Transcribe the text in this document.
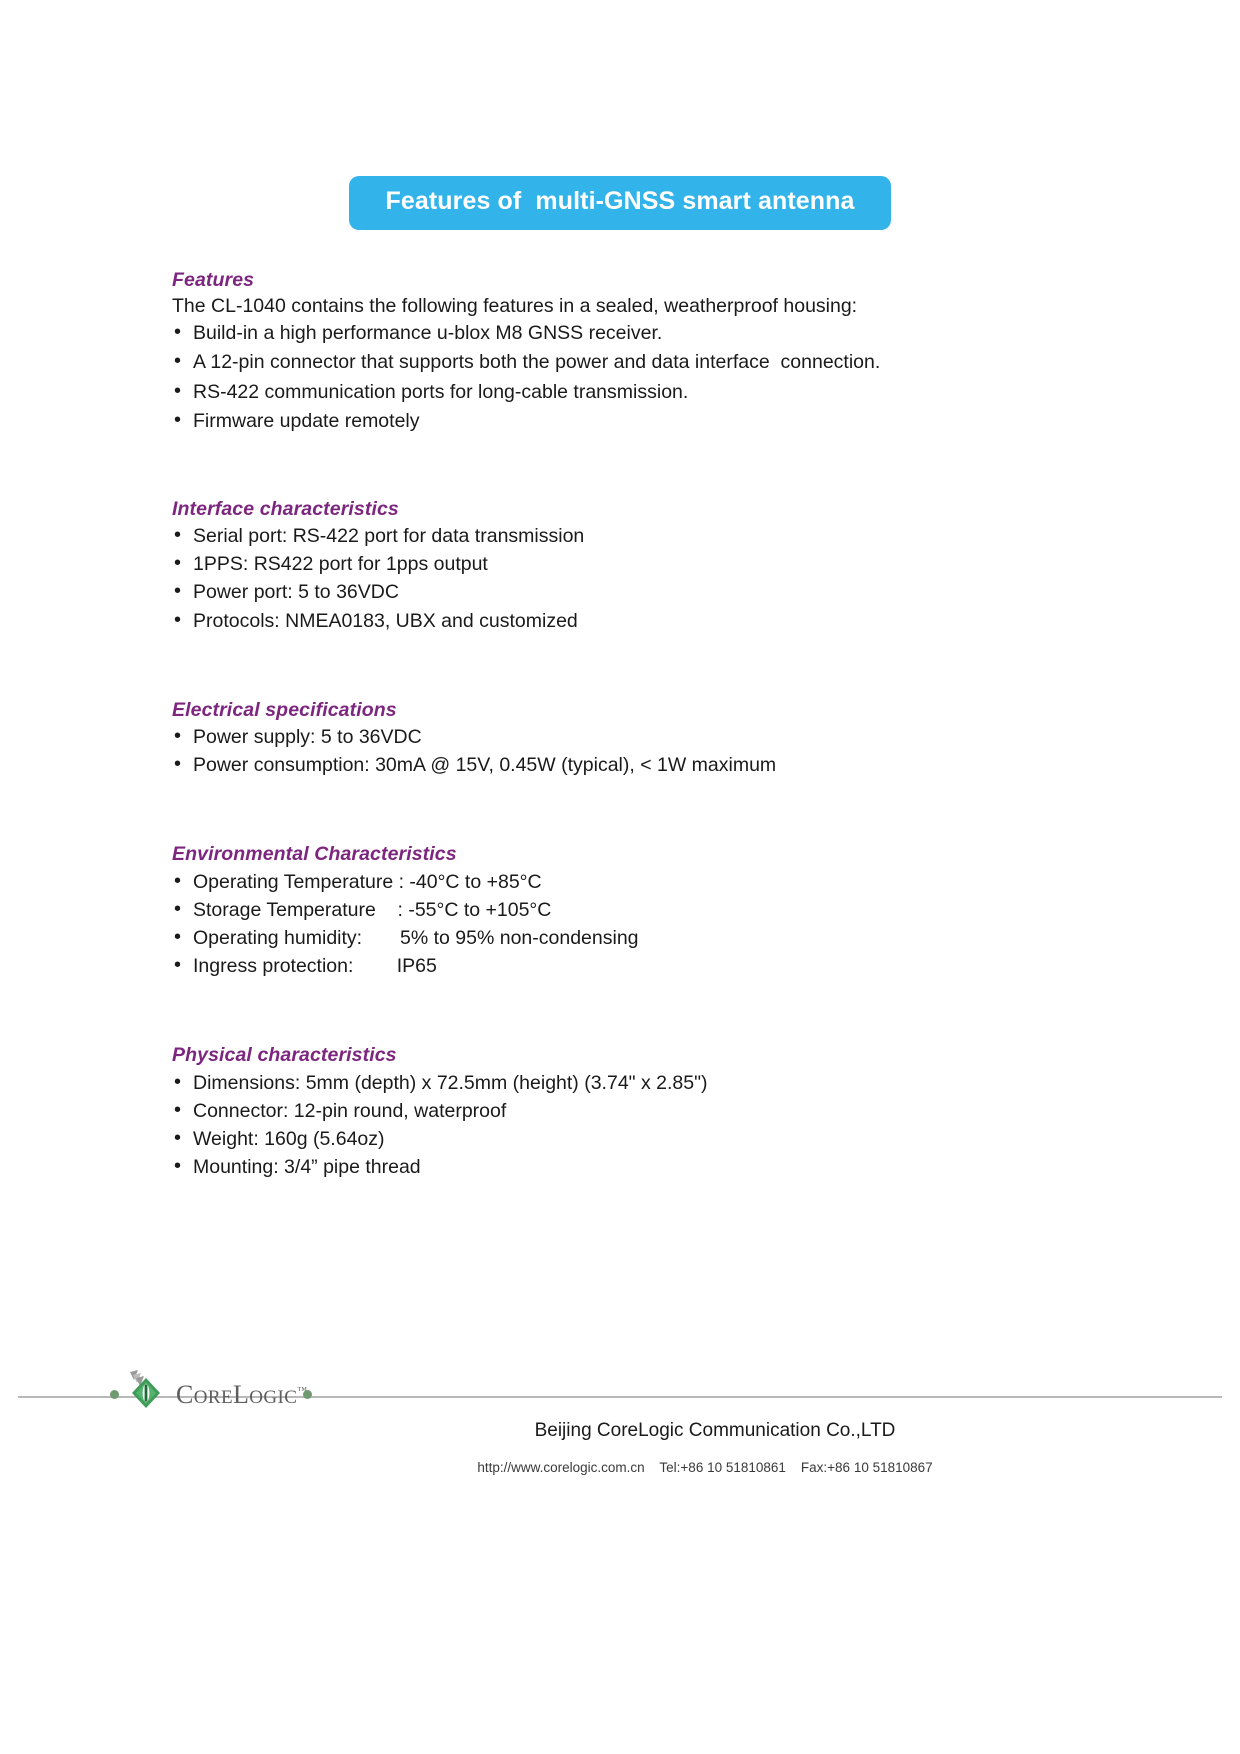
Features of  multi-GNSS smart antenna
Features

The CL-1040 contains the following features in a sealed, weatherproof housing:

• Build-in a high performance u-blox M8 GNSS receiver.
• A 12-pin connector that supports both the power and data interface  connection.
• RS-422 communication ports for long-cable transmission.
• Firmware update remotely
Interface characteristics
• Serial port: RS-422 port for data transmission
• 1PPS: RS422 port for 1pps output
• Power port: 5 to 36VDC
• Protocols: NMEA0183, UBX and customized
Electrical specifications
• Power supply: 5 to 36VDC
• Power consumption: 30mA @ 15V, 0.45W (typical), < 1W maximum
Environmental Characteristics
• Operating Temperature : -40°C to +85°C
• Storage Temperature    : -55°C to +105°C
• Operating humidity:       5% to 95% non-condensing
• Ingress protection:        IP65
Physical characteristics
• Dimensions: 5mm (depth) x 72.5mm (height) (3.74" x 2.85")
• Connector: 12-pin round, waterproof
• Weight: 160g (5.64oz)
• Mounting: 3/4” pipe thread
CORELOGIC™
Beijing CoreLogic Communication Co.,LTD
http://www.corelogic.com.cn    Tel:+86 10 51810861    Fax:+86 10 51810867
